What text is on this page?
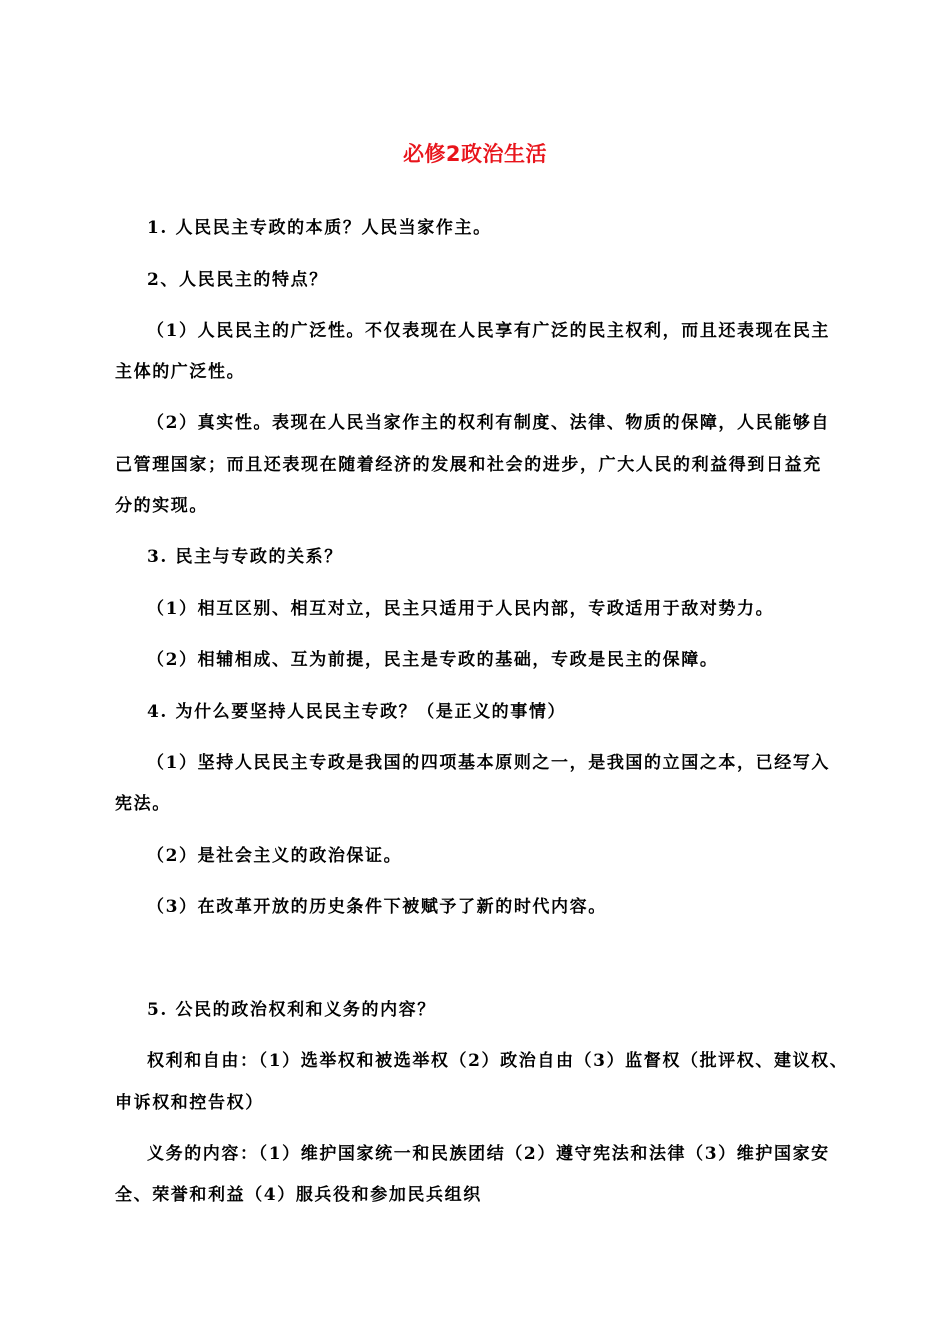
必修2政治生活
1. 人民民主专政的本质？人民当家作主。
2、人民民主的特点？
（1）人民民主的广泛性。不仅表现在人民享有广泛的民主权利，而且还表现在民主
主体的广泛性。
（2）真实性。表现在人民当家作主的权利有制度、法律、物质的保障，人民能够自
己管理国家；而且还表现在随着经济的发展和社会的进步，广大人民的利益得到日益充
分的实现。
3. 民主与专政的关系？
（1）相互区别、相互对立，民主只适用于人民内部，专政适用于敌对势力。
（2）相辅相成、互为前提，民主是专政的基础，专政是民主的保障。
4. 为什么要坚持人民民主专政？（是正义的事情）
（1）坚持人民民主专政是我国的四项基本原则之一，是我国的立国之本，已经写入
宪法。
（2）是社会主义的政治保证。
（3）在改革开放的历史条件下被赋予了新的时代内容。
5. 公民的政治权利和义务的内容？
权利和自由：（1）选举权和被选举权（2）政治自由（3）监督权（批评权、建议权、
申诉权和控告权）
义务的内容：（1）维护国家统一和民族团结（2）遵守宪法和法律（3）维护国家安
全、荣誉和利益（4）服兵役和参加民兵组织
